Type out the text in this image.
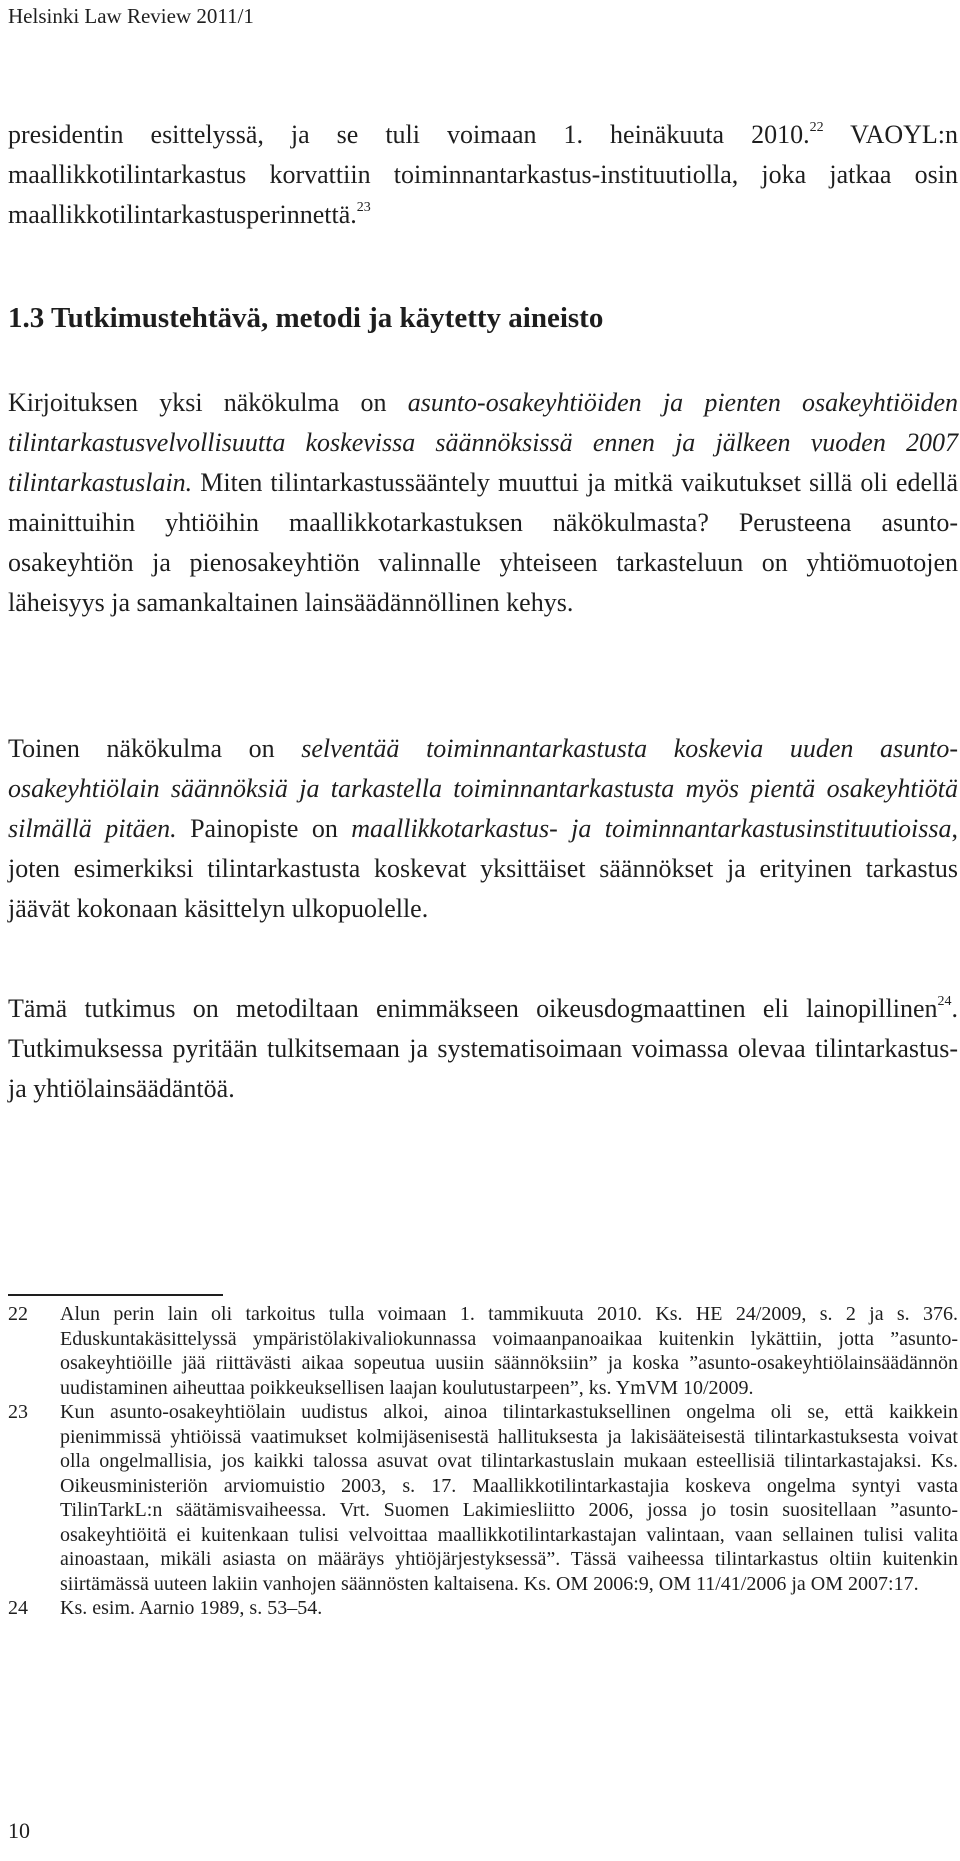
Helsinki Law Review 2011/1

presidentin esittelyssä, ja se tuli voimaan 1. heinäkuuta 2010.22 VAOYL:n maallikkotilintarkastus korvattiin toiminnantarkastus-instituutiolla, joka jatkaa osin maallikkotilintarkastusperinnettä.$^{23}$

1.3 Tutkimustehtävä, metodi ja käytetty aineisto

Kirjoituksen yksi näkökulma on asunto-osakeyhtiöiden ja pienten osakeyhtiöiden tilintarkastusvelvollisuutta koskevissa säännöksissä ennen ja jälkeen vuoden 2007 tilintarkastuslain. Miten tilintarkastussääntely muuttui ja mitkä vaikutukset sillä oli edellä mainittuihin yhtiöihin maallikkotarkastuksen näkökulmasta? Perusteena asunto-osakeyhtiön ja pienosakeyhtiön valinnalle yhteiseen tarkasteluun on yhtiömuotojen läheisyys ja samankaltainen lainsäädännöllinen kehys.

Toinen näkökulma on selventää toiminnantarkastusta koskevia uuden asunto-osakeyhtiölain säännöksiä ja tarkastella toiminnantarkastusta myös pientä osakeyhtiötä silmällä pitäen. Painopiste on maallikkotarkastus- ja toiminnantarkastusinstituutioissa, joten esimerkiksi tilintarkastusta koskevat yksittäiset säännökset ja erityinen tarkastus jäävät kokonaan käsittelyn ulkopuolelle.

Tämä tutkimus on metodiltaan enimmäkseen oikeusdogmaattinen eli lainopillinen$^{24}$. Tutkimuksessa pyritään tulkitsemaan ja systematisoimaan voimassa olevaa tilintarkastus- ja yhtiölainsäädäntöä.

22	Alun perin lain oli tarkoitus tulla voimaan 1. tammikuuta 2010. Ks. HE 24/2009, s. 2 ja s. 376. Eduskuntakäsittelyssä ympäristölakivaliokunnassa voimaanpanoaikaa kuitenkin lykättiin, jotta ”asunto-osakeyhtiöille jää riittävästi aikaa sopeutua uusiin säännöksiin” ja koska ”asunto-osakeyhtiölainsäädännön uudistaminen aiheuttaa poikkeuksellisen laajan koulutustarpeen”, ks. YmVM 10/2009.
23	Kun asunto-osakeyhtiölain uudistus alkoi, ainoa tilintarkastuksellinen ongelma oli se, että kaikkein pienimmissä yhtiöissä vaatimukset kolmijäsenisestä hallituksesta ja lakisääteisestä tilintarkastuksesta voivat olla ongelmallisia, jos kaikki talossa asuvat ovat tilintarkastuslain mukaan esteellisiä tilintarkastajaksi. Ks. Oikeusministeriön arviomuistio 2003, s. 17. Maallikkotilintarkastajia koskeva ongelma syntyi vasta TilinTarkL:n säätämisvaiheessa. Vrt. Suomen Lakimiesliitto 2006, jossa jo tosin suositellaan ”asunto-osakeyhtiöitä ei kuitenkaan tulisi velvoittaa maallikkotilintarkastajan valintaan, vaan sellainen tulisi valita ainoastaan, mikäli asiasta on määräys yhtiöjärjestyksessä”. Tässä vaiheessa tilintarkastus oltiin kuitenkin siirtämässä uuteen lakiin vanhojen säännösten kaltaisena. Ks. OM 2006:9, OM 11/41/2006 ja OM 2007:17.
24	Ks. esim. Aarnio 1989, s. 53–54.
10
